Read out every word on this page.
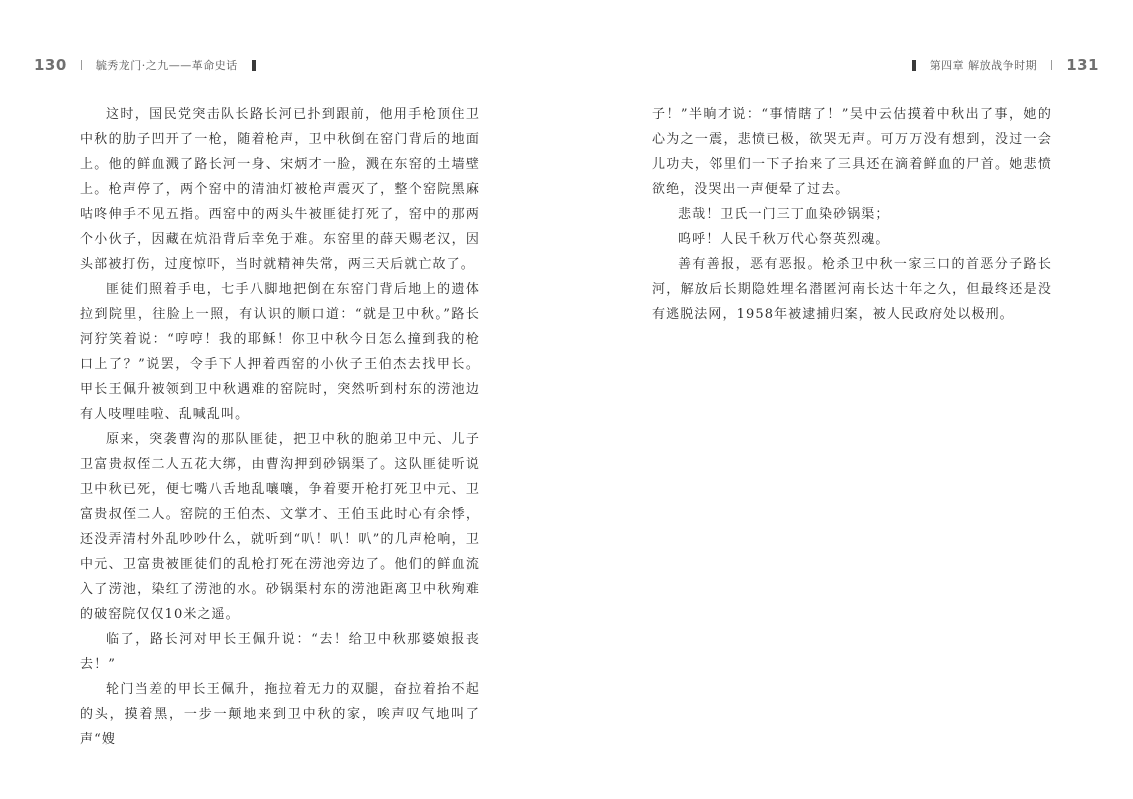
130	毓秀龙门·之九——革命史话

这时，国民党突击队长路长河已扑到跟前，他用手枪顶住卫中秋的肋子凹开了一枪，随着枪声，卫中秋倒在窑门背后的地面上。他的鲜血溅了路长河一身、宋炳才一脸，溅在东窑的土墙壁上。枪声停了，两个窑中的清油灯被枪声震灭了，整个窑院黑麻咕咚伸手不见五指。西窑中的两头牛被匪徒打死了，窑中的那两个小伙子，因藏在炕沿背后幸免于难。东窑里的薛天赐老汉，因头部被打伤，过度惊吓，当时就精神失常，两三天后就亡故了。

匪徒们照着手电，七手八脚地把倒在东窑门背后地上的遗体拉到院里，往脸上一照，有认识的顺口道：“就是卫中秋。”路长河狞笑着说：“哼哼！我的耶稣！你卫中秋今日怎么撞到我的枪口上了？”说罢，令手下人押着西窑的小伙子王伯杰去找甲长。甲长王佩升被领到卫中秋遇难的窑院时，突然听到村东的涝池边有人吱哩哇啦、乱喊乱叫。

原来，突袭曹沟的那队匪徒，把卫中秋的胞弟卫中元、儿子卫富贵叔侄二人五花大绑，由曹沟押到砂锅渠了。这队匪徒听说卫中秋已死，便七嘴八舌地乱嚷嚷，争着要开枪打死卫中元、卫富贵叔侄二人。窑院的王伯杰、文掌才、王伯玉此时心有余悸，还没弄清村外乱吵吵什么，就听到“叭！叭！叭”的几声枪响，卫中元、卫富贵被匪徒们的乱枪打死在涝池旁边了。他们的鲜血流入了涝池，染红了涝池的水。砂锅渠村东的涝池距离卫中秋殉难的破窑院仅仅10米之遥。

临了，路长河对甲长王佩升说：“去！给卫中秋那婆娘报丧去！”

轮门当差的甲长王佩升，拖拉着无力的双腿，奋拉着抬不起的头，摸着黑，一步一颠地来到卫中秋的家，唉声叹气地叫了声“嫂

第四章 解放战争时期 131

子！”半晌才说：“事情瞎了！”吴中云估摸着中秋出了事，她的心为之一震，悲愤已极，欲哭无声。可万万没有想到，没过一会儿功夫，邻里们一下子抬来了三具还在滴着鲜血的尸首。她悲愤欲绝，没哭出一声便晕了过去。

悲哉！卫氏一门三丁血染砂锅渠；

呜呼！人民千秋万代心祭英烈魂。

善有善报，恶有恶报。枪杀卫中秋一家三口的首恶分子路长河，解放后长期隐姓埋名潜匿河南长达十年之久，但最终还是没有逃脱法网，1958年被逮捕归案，被人民政府处以极刑。
